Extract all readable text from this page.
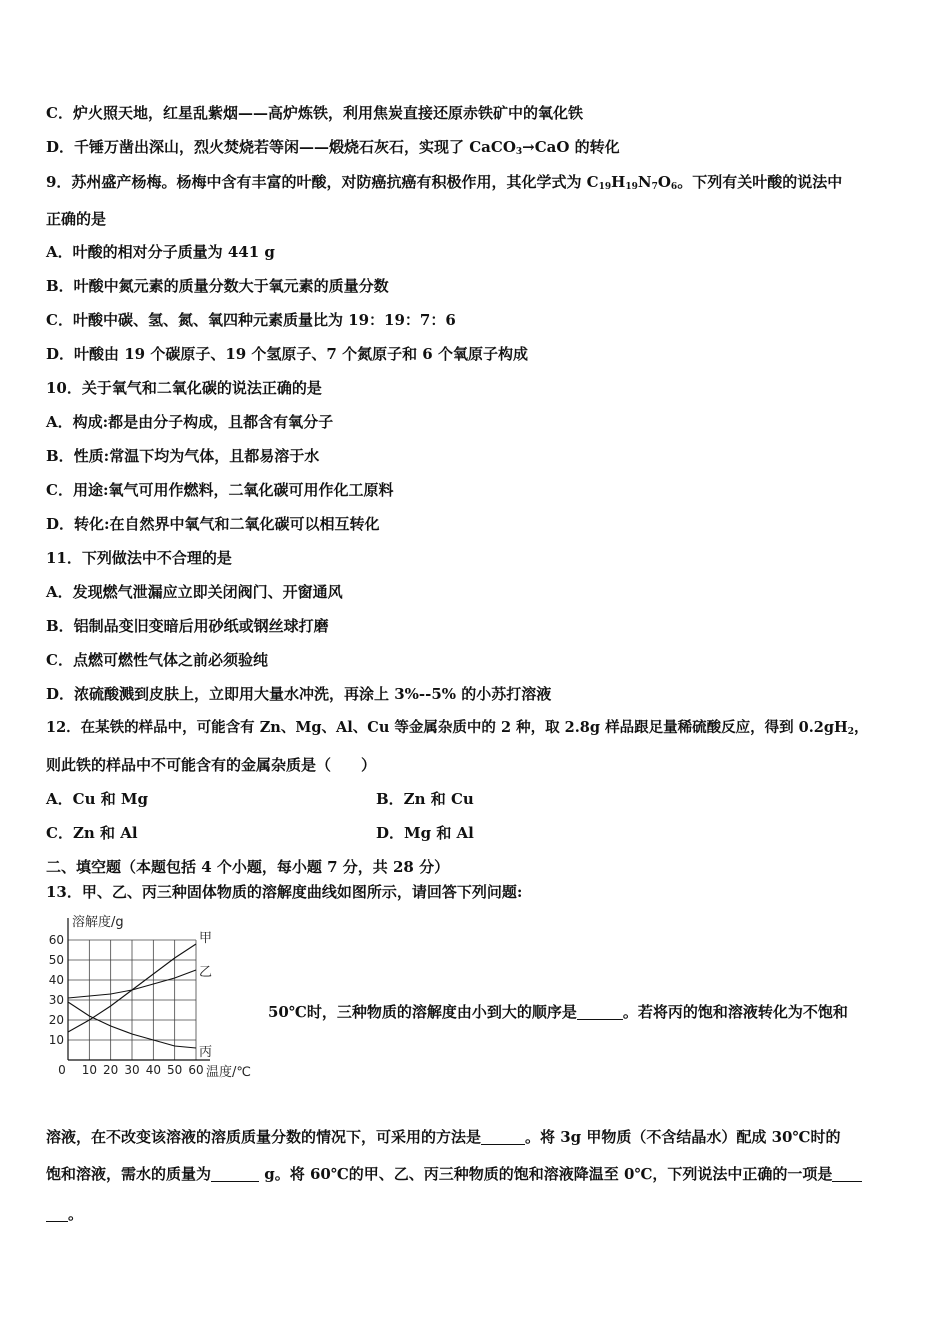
C．炉火照天地，红星乱紫烟——高炉炼铁，利用焦炭直接还原赤铁矿中的氧化铁
D．千锤万凿出深山，烈火焚烧若等闲——煅烧石灰石，实现了 CaCO$_3$→CaO 的转化
9．苏州盛产杨梅。杨梅中含有丰富的叶酸，对防癌抗癌有积极作用，其化学式为 $C_{19}H_{19}N_7O_6$。下列有关叶酸的说法中
正确的是
A．叶酸的相对分子质量为 441 g
B．叶酸中氮元素的质量分数大于氧元素的质量分数
C．叶酸中碳、氢、氮、氧四种元素质量比为 19：19：7：6
D．叶酸由 19 个碳原子、19 个氢原子、7 个氮原子和 6 个氧原子构成
10．关于氧气和二氧化碳的说法正确的是
A．构成:都是由分子构成，且都含有氧分子
B．性质:常温下均为气体，且都易溶于水
C．用途:氧气可用作燃料，二氧化碳可用作化工原料
D．转化:在自然界中氧气和二氧化碳可以相互转化
11．下列做法中不合理的是
A．发现燃气泄漏应立即关闭阀门、开窗通风
B．铝制品变旧变暗后用砂纸或钢丝球打磨
C．点燃可燃性气体之前必须验纯
D．浓硫酸溅到皮肤上，立即用大量水冲洗，再涂上 3%--5% 的小苏打溶液
12．在某铁的样品中，可能含有 Zn、Mg、Al、Cu 等金属杂质中的 2 种，取 2.8g 样品跟足量稀硫酸反应，得到 $0.2gH_2$，
则此铁的样品中不可能含有的金属杂质是（　　）
A．Cu 和 Mg	B．Zn 和 Cu
C．Zn 和 Al	D．Mg 和 Al
二、填空题（本题包括 4 个小题，每小题 7 分，共 28 分）
13．甲、乙、丙三种固体物质的溶解度曲线如图所示，请回答下列问题:
10
20
30
40
50
60
0 10 20 30 40 50 60
溶解度/g
温度/℃
甲
乙
丙
50℃时，三种物质的溶解度由小到大的顺序是	。若将丙的饱和溶液转化为不饱和
溶液，在不改变该溶液的溶质质量分数的情况下，可采用的方法是	。将 3g 甲物质（不含结晶水）配成 30℃时的
饱和溶液，需水的质量为	g。将 60℃的甲、乙、丙三种物质的饱和溶液降温至 0℃，下列说法中正确的一项是
。
